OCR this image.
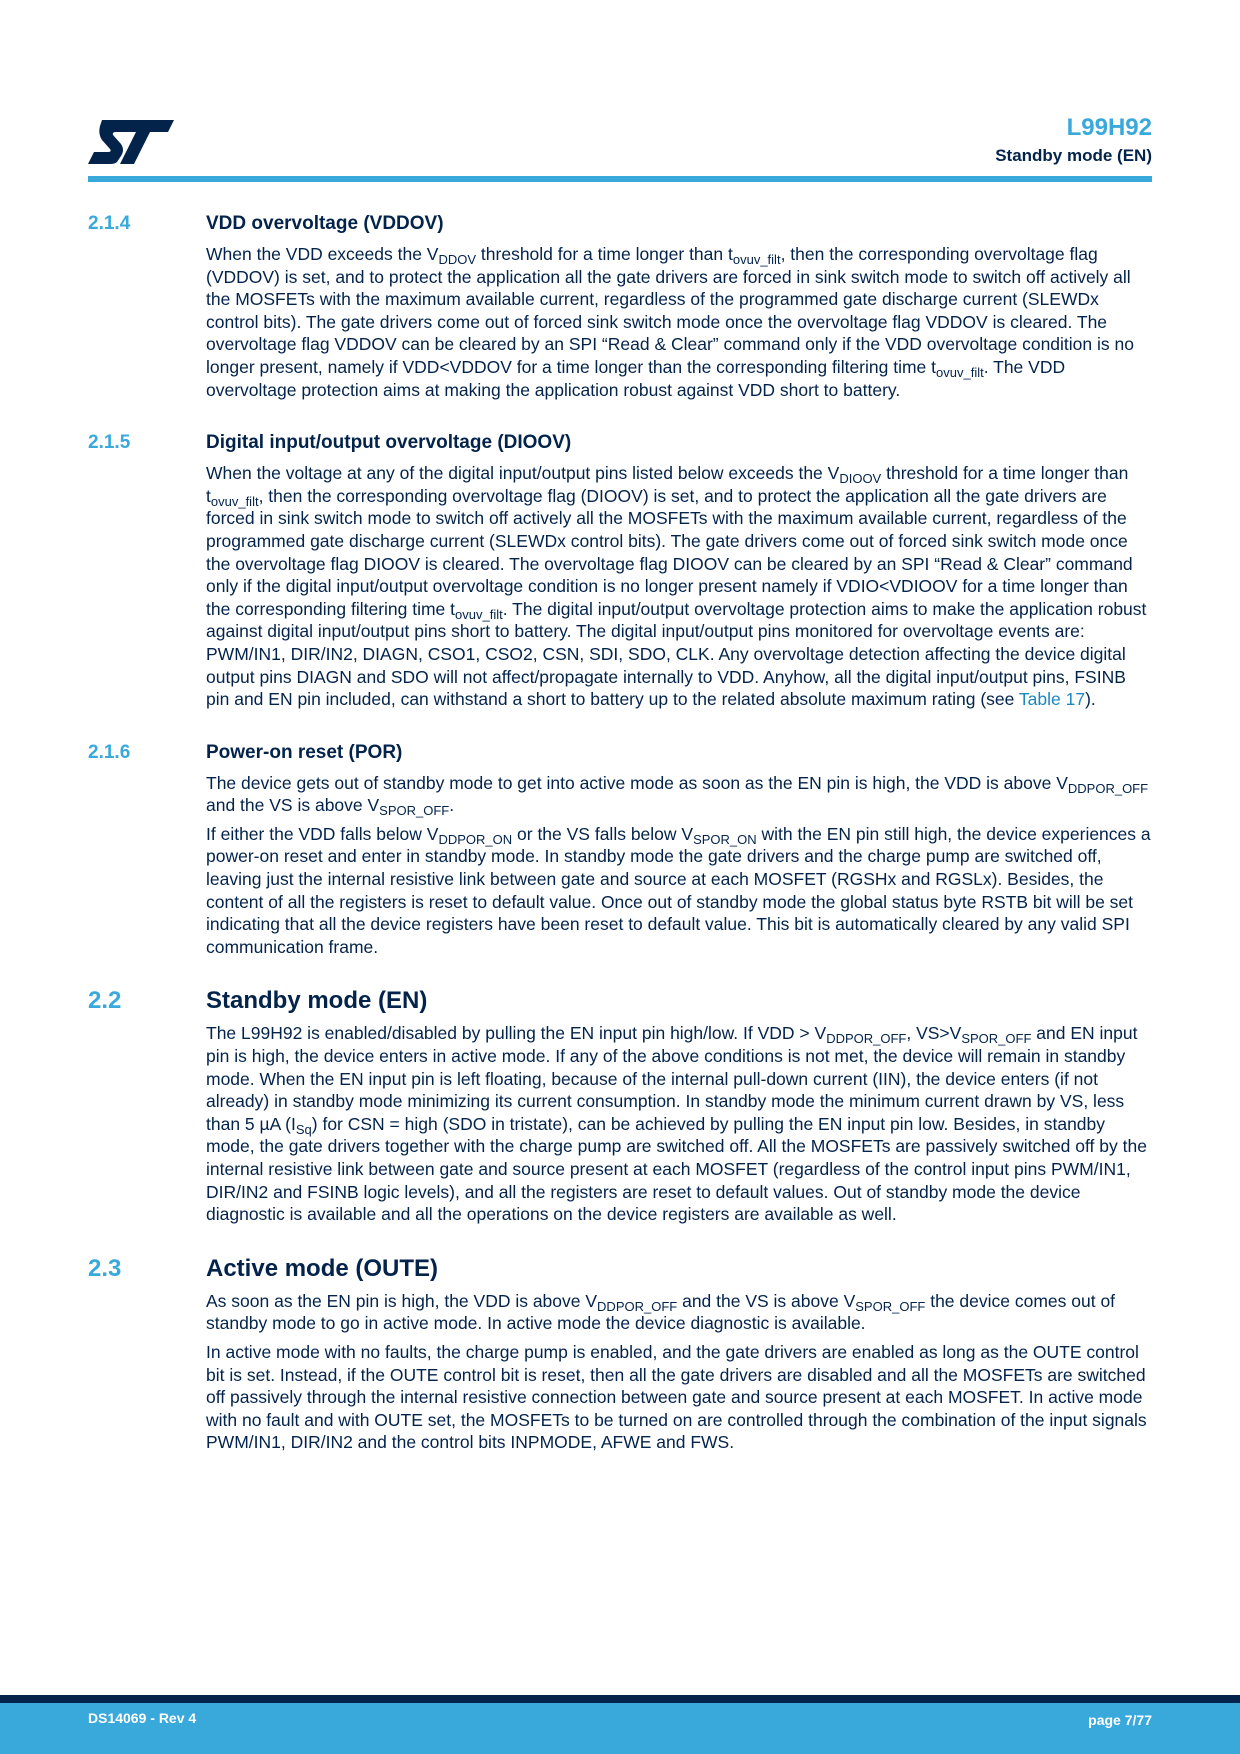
L99H92
Standby mode (EN)
2.1.4	VDD overvoltage (VDDOV)
When the VDD exceeds the $V_{DDOV}$ threshold for a time longer than $t_{ovuv\_filt}$, then the corresponding overvoltage flag (VDDOV) is set, and to protect the application all the gate drivers are forced in sink switch mode to switch off actively all the MOSFETs with the maximum available current, regardless of the programmed gate discharge current (SLEWDx control bits). The gate drivers come out of forced sink switch mode once the overvoltage flag VDDOV is cleared. The overvoltage flag VDDOV can be cleared by an SPI “Read & Clear” command only if the VDD overvoltage condition is no longer present, namely if VDD<VDDOV for a time longer than the corresponding filtering time $t_{ovuv\_filt}$. The VDD overvoltage protection aims at making the application robust against VDD short to battery.
2.1.5	Digital input/output overvoltage (DIOOV)
When the voltage at any of the digital input/output pins listed below exceeds the $V_{DIOOV}$ threshold for a time longer than $t_{ovuv\_filt}$, then the corresponding overvoltage flag (DIOOV) is set, and to protect the application all the gate drivers are forced in sink switch mode to switch off actively all the MOSFETs with the maximum available current, regardless of the programmed gate discharge current (SLEWDx control bits). The gate drivers come out of forced sink switch mode once the overvoltage flag DIOOV is cleared. The overvoltage flag DIOOV can be cleared by an SPI “Read & Clear” command only if the digital input/output overvoltage condition is no longer present namely if VDIO<VDIOOV for a time longer than the corresponding filtering time $t_{ovuv\_filt}$. The digital input/output overvoltage protection aims to make the application robust against digital input/output pins short to battery. The digital input/output pins monitored for overvoltage events are: PWM/IN1, DIR/IN2, DIAGN, CSO1, CSO2, CSN, SDI, SDO, CLK. Any overvoltage detection affecting the device digital output pins DIAGN and SDO will not affect/propagate internally to VDD. Anyhow, all the digital input/output pins, FSINB pin and EN pin included, can withstand a short to battery up to the related absolute maximum rating (see Table 17).
2.1.6	Power-on reset (POR)
The device gets out of standby mode to get into active mode as soon as the EN pin is high, the VDD is above $V_{DDPOR\_OFF}$ and the VS is above $V_{SPOR\_OFF}$.
If either the VDD falls below $V_{DDPOR\_ON}$ or the VS falls below $V_{SPOR\_ON}$ with the EN pin still high, the device experiences a power-on reset and enter in standby mode. In standby mode the gate drivers and the charge pump are switched off, leaving just the internal resistive link between gate and source at each MOSFET (RGSHx and RGSLx). Besides, the content of all the registers is reset to default value. Once out of standby mode the global status byte RSTB bit will be set indicating that all the device registers have been reset to default value. This bit is automatically cleared by any valid SPI communication frame.
2.2	Standby mode (EN)
The L99H92 is enabled/disabled by pulling the EN input pin high/low. If VDD > $V_{DDPOR\_OFF}$, $VS>V_{SPOR\_OFF}$ and EN input pin is high, the device enters in active mode. If any of the above conditions is not met, the device will remain in standby mode. When the EN input pin is left floating, because of the internal pull-down current (IIN), the device enters (if not already) in standby mode minimizing its current consumption. In standby mode the minimum current drawn by VS, less than 5 µA $(I_{Sq})$ for CSN = high (SDO in tristate), can be achieved by pulling the EN input pin low. Besides, in standby mode, the gate drivers together with the charge pump are switched off. All the MOSFETs are passively switched off by the internal resistive link between gate and source present at each MOSFET (regardless of the control input pins PWM/IN1, DIR/IN2 and FSINB logic levels), and all the registers are reset to default values. Out of standby mode the device diagnostic is available and all the operations on the device registers are available as well.
2.3	Active mode (OUTE)
As soon as the EN pin is high, the VDD is above $V_{DDPOR\_OFF}$ and the VS is above $V_{SPOR\_OFF}$ the device comes out of standby mode to go in active mode. In active mode the device diagnostic is available.
In active mode with no faults, the charge pump is enabled, and the gate drivers are enabled as long as the OUTE control bit is set. Instead, if the OUTE control bit is reset, then all the gate drivers are disabled and all the MOSFETs are switched off passively through the internal resistive connection between gate and source present at each MOSFET. In active mode with no fault and with OUTE set, the MOSFETs to be turned on are controlled through the combination of the input signals PWM/IN1, DIR/IN2 and the control bits INPMODE, AFWE and FWS.
DS14069 - Rev 4	page 7/77
